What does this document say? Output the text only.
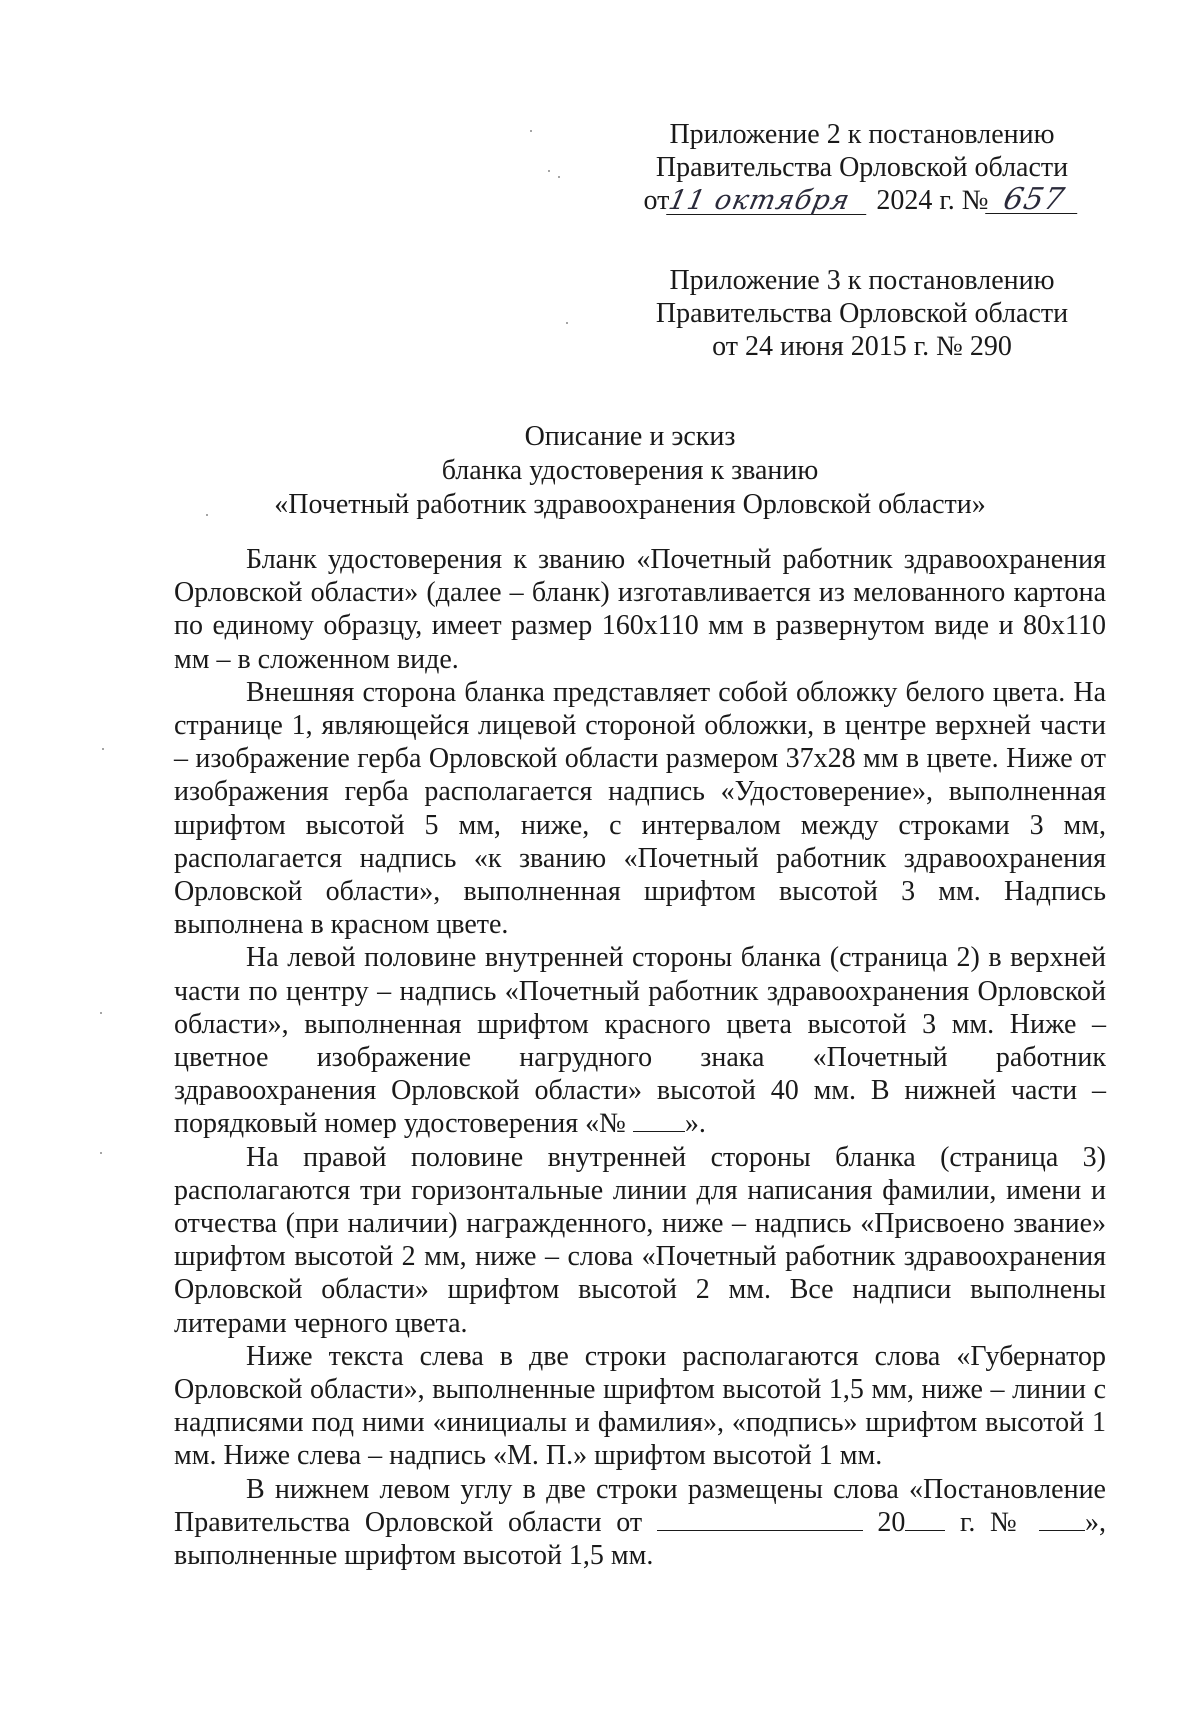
Приложение 2 к постановлению
Правительства Орловской области
от11 октября 2024 г. № 657
Приложение 3 к постановлению
Правительства Орловской области
от 24 июня 2015 г. № 290
Описание и эскиз
бланка удостоверения к званию
«Почетный работник здравоохранения Орловской области»

Бланк удостоверения к званию «Почетный работник здравоохранения Орловской области» (далее – бланк) изготавливается из мелованного картона по единому образцу, имеет размер 160х110 мм в развернутом виде и 80х110 мм – в сложенном виде.

Внешняя сторона бланка представляет собой обложку белого цвета. На странице 1, являющейся лицевой стороной обложки, в центре верхней части – изображение герба Орловской области размером 37х28 мм в цвете. Ниже от изображения герба располагается надпись «Удостоверение», выполненная шрифтом высотой 5 мм, ниже, с интервалом между строками 3 мм, располагается надпись «к званию «Почетный работник здравоохранения Орловской области», выполненная шрифтом высотой 3 мм. Надпись выполнена в красном цвете.

На левой половине внутренней стороны бланка (страница 2) в верхней части по центру – надпись «Почетный работник здравоохранения Орловской области», выполненная шрифтом красного цвета высотой 3 мм. Ниже – цветное изображение нагрудного знака «Почетный работник здравоохранения Орловской области» высотой 40 мм. В нижней части – порядковый номер удостоверения «№ ».

На правой половине внутренней стороны бланка (страница 3) располагаются три горизонтальные линии для написания фамилии, имени и отчества (при наличии) награжденного, ниже – надпись «Присвоено звание» шрифтом высотой 2 мм, ниже – слова «Почетный работник здравоохранения Орловской области» шрифтом высотой 2 мм. Все надписи выполнены литерами черного цвета.

Ниже текста слева в две строки располагаются слова «Губернатор Орловской области», выполненные шрифтом высотой 1,5 мм, ниже – линии с надписями под ними «инициалы и фамилия», «подпись» шрифтом высотой 1 мм. Ниже слева – надпись «М. П.» шрифтом высотой 1 мм.

В нижнем левом углу в две строки размещены слова «Постановление Правительства Орловской области от	20 г. № », выполненные шрифтом высотой 1,5 мм.
